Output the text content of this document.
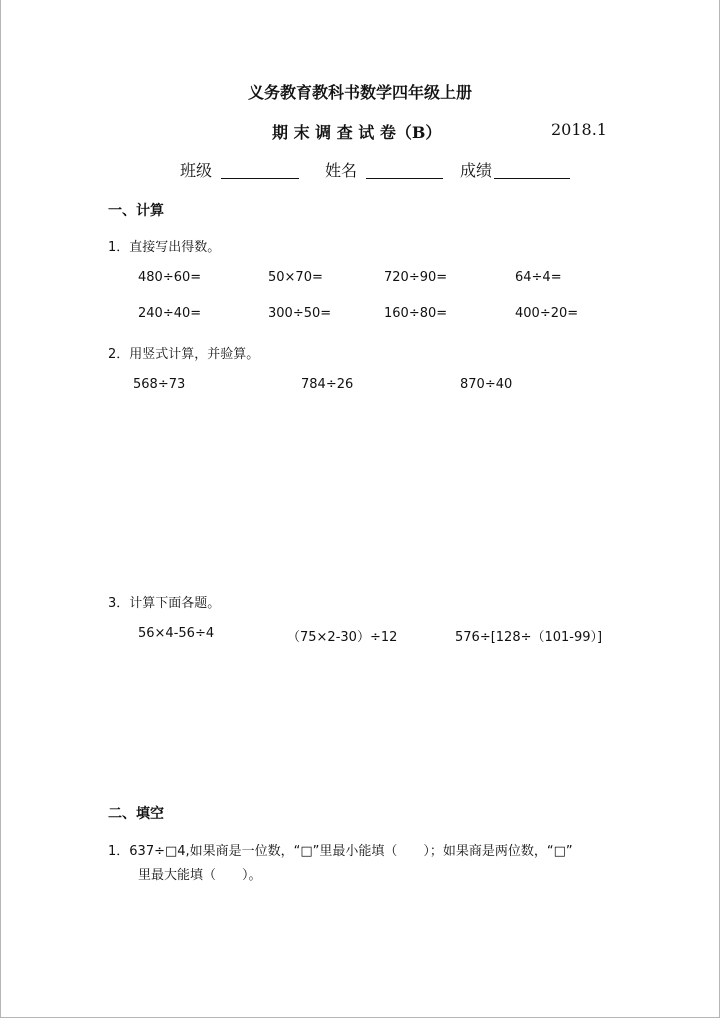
义务教育教科书数学四年级上册
期 末 调 查 试 卷（B）	2018.1
班级	姓名	成绩
一、计算
1．直接写出得数。
480÷60=	50×70=	720÷90=	64÷4=
240÷40=	300÷50=	160÷80=	400÷20=
2．用竖式计算，并验算。
568÷73	784÷26	870÷40
3．计算下面各题。
56×4-56÷4	（75×2-30）÷12	576÷[128÷（101-99）]
二、填空
1．637÷□4,如果商是一位数，“□”里最小能填（　　）；如果商是两位数，“□”
里最大能填（　　）。
